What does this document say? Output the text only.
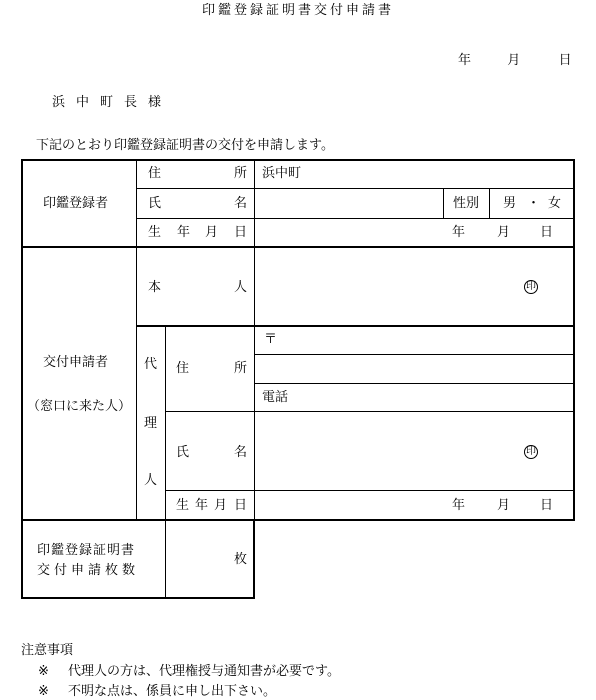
印鑑登録証明書交付申請書
年	月	日
浜中町長様
下記のとおり印鑑登録証明書の交付を申請します。
印鑑登録者
住	所 浜中町
氏	名	性別 男 ・ 女
生 年 月 日	年 月 日
交付申請者
（窓口に来た人）
本	人	印
代
理
人
住	所
〒
電話
氏	名	印
生 年 月 日	年 月 日
印鑑登録証明書
交付申請枚数
枚
注意事項
※ 代理人の方は、代理権授与通知書が必要です。
※ 不明な点は、係員に申し出下さい。
